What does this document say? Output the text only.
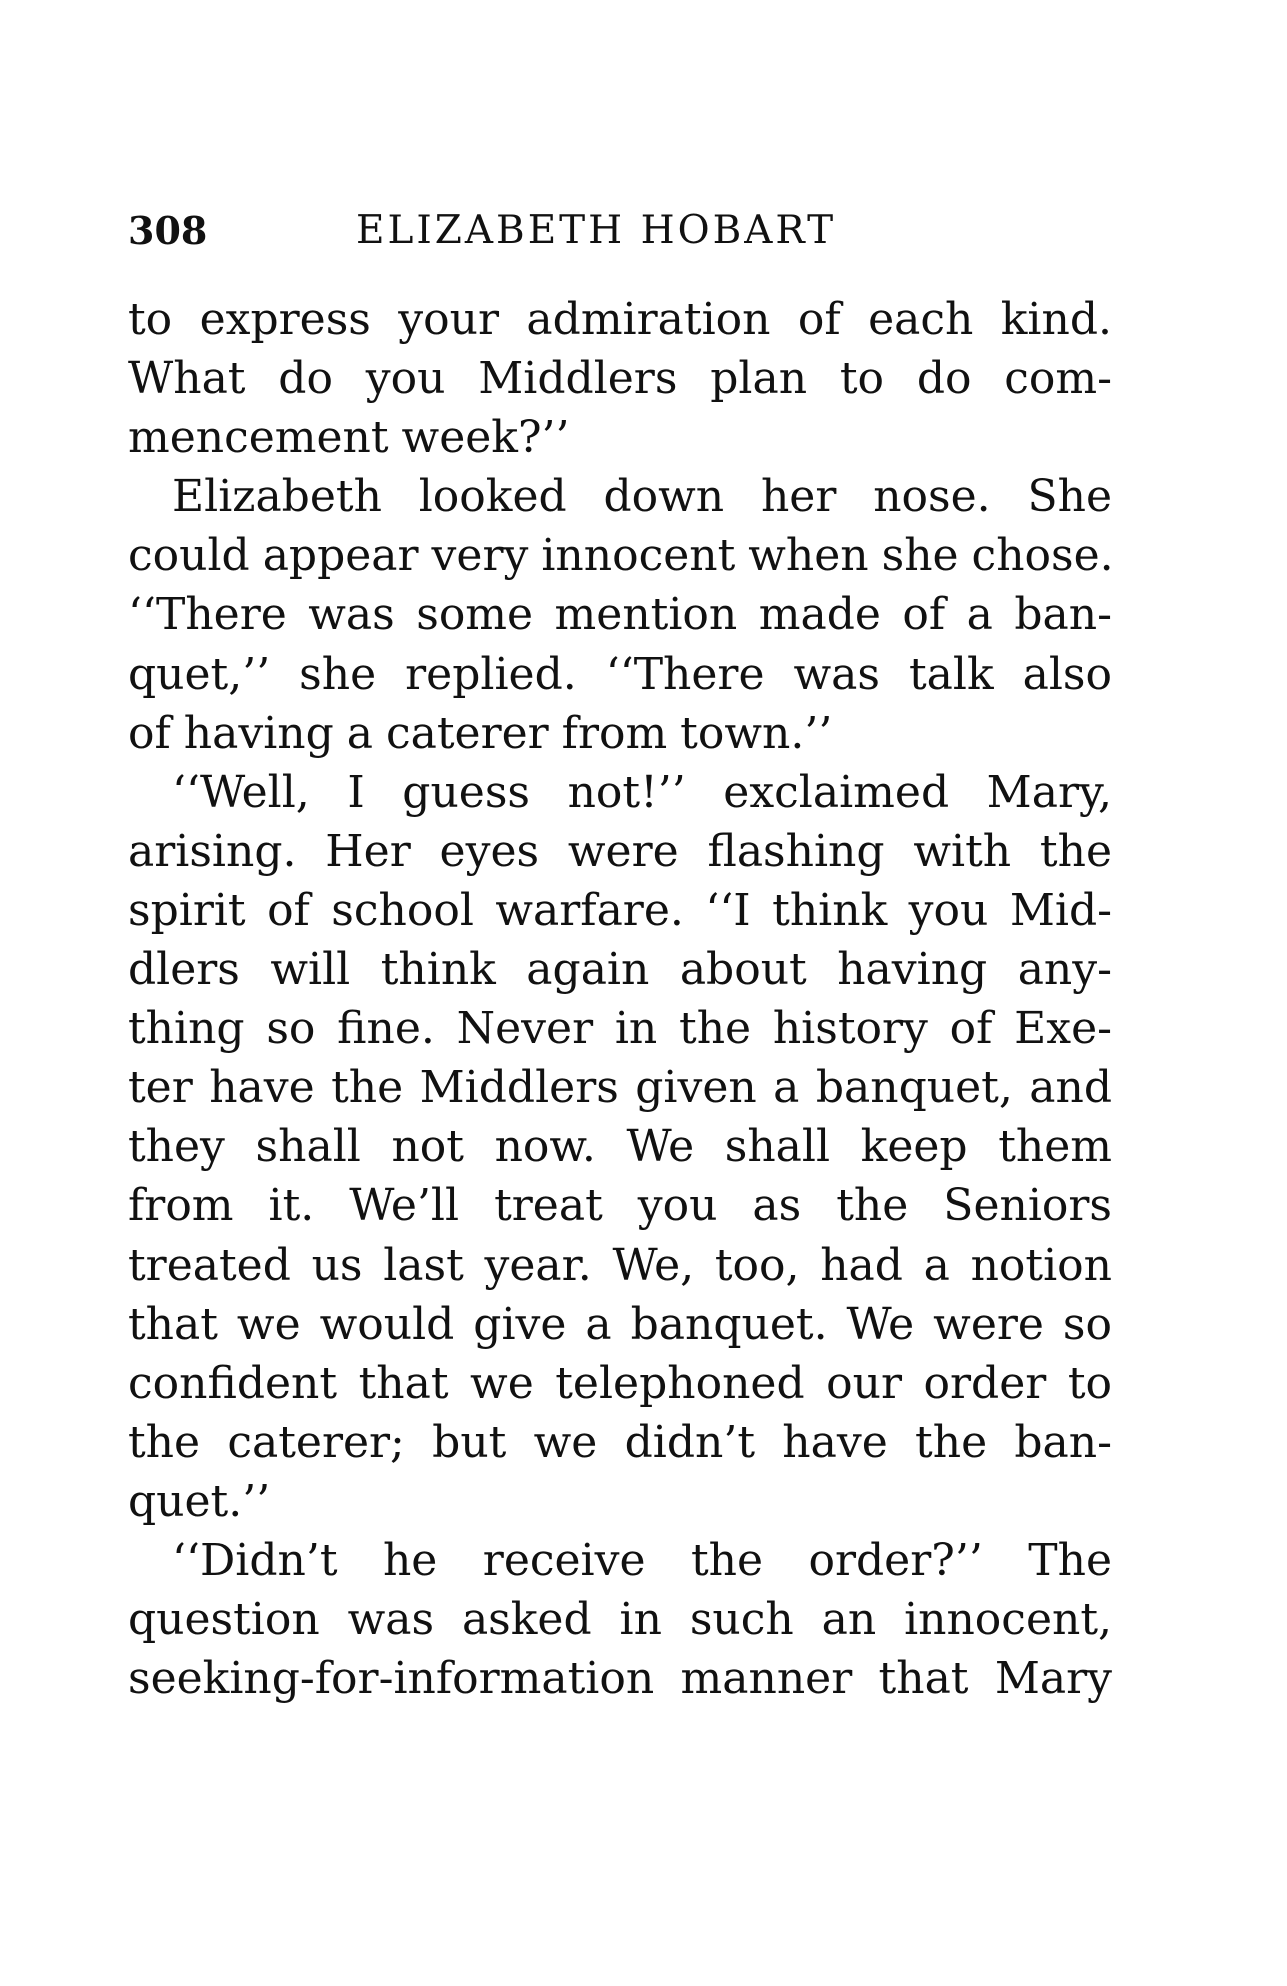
308	ELIZABETH HOBART
to express your admiration of each kind.
What do you Middlers plan to do com-
mencement week?’’
Elizabeth looked down her nose. She
could appear very innocent when she chose.
‘‘There was some mention made of a ban-
quet,’’ she replied. ‘‘There was talk also
of having a caterer from town.’’
‘‘Well, I guess not!’’ exclaimed Mary,
arising. Her eyes were flashing with the
spirit of school warfare. ‘‘I think you Mid-
dlers will think again about having any-
thing so fine. Never in the history of Exe-
ter have the Middlers given a banquet, and
they shall not now. We shall keep them
from it. We’ll treat you as the Seniors
treated us last year. We, too, had a notion
that we would give a banquet. We were so
confident that we telephoned our order to
the caterer; but we didn’t have the ban-
quet.’’
‘‘Didn’t he receive the order?’’ The
question was asked in such an innocent,
seeking-for-information manner that Mary
